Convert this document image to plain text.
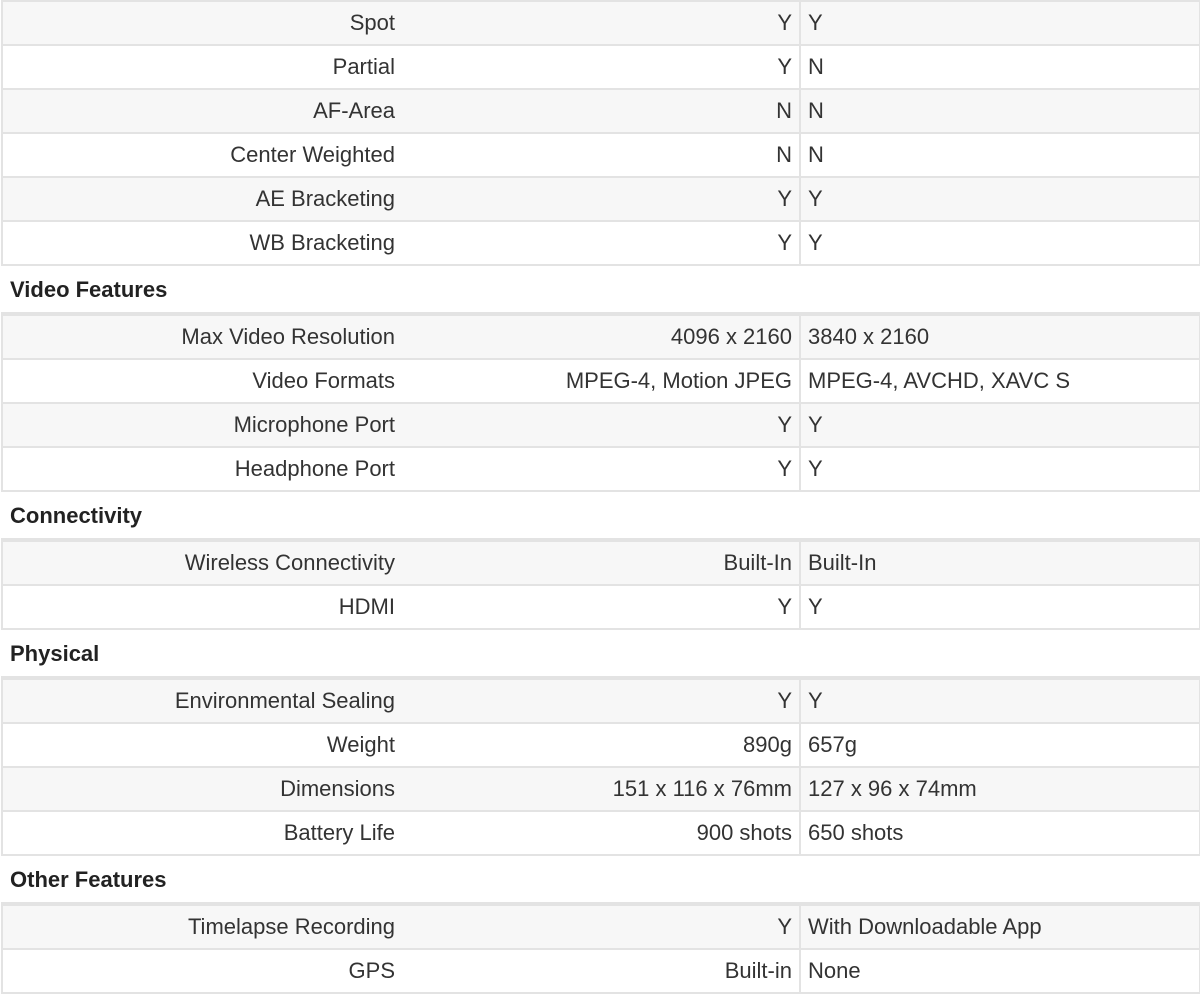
Spot	Y	Y
Partial	Y	N
AF-Area	N	N
Center Weighted	N	N
AE Bracketing	Y	Y
WB Bracketing	Y	Y
Video Features
Max Video Resolution	4096 x 2160	3840 x 2160
Video Formats	MPEG-4, Motion JPEG	MPEG-4, AVCHD, XAVC S
Microphone Port	Y	Y
Headphone Port	Y	Y
Connectivity
Wireless Connectivity	Built-In	Built-In
HDMI	Y	Y
Physical
Environmental Sealing	Y	Y
Weight	890g	657g
Dimensions	151 x 116 x 76mm	127 x 96 x 74mm
Battery Life	900 shots	650 shots
Other Features
Timelapse Recording	Y	With Downloadable App
GPS	Built-in	None
